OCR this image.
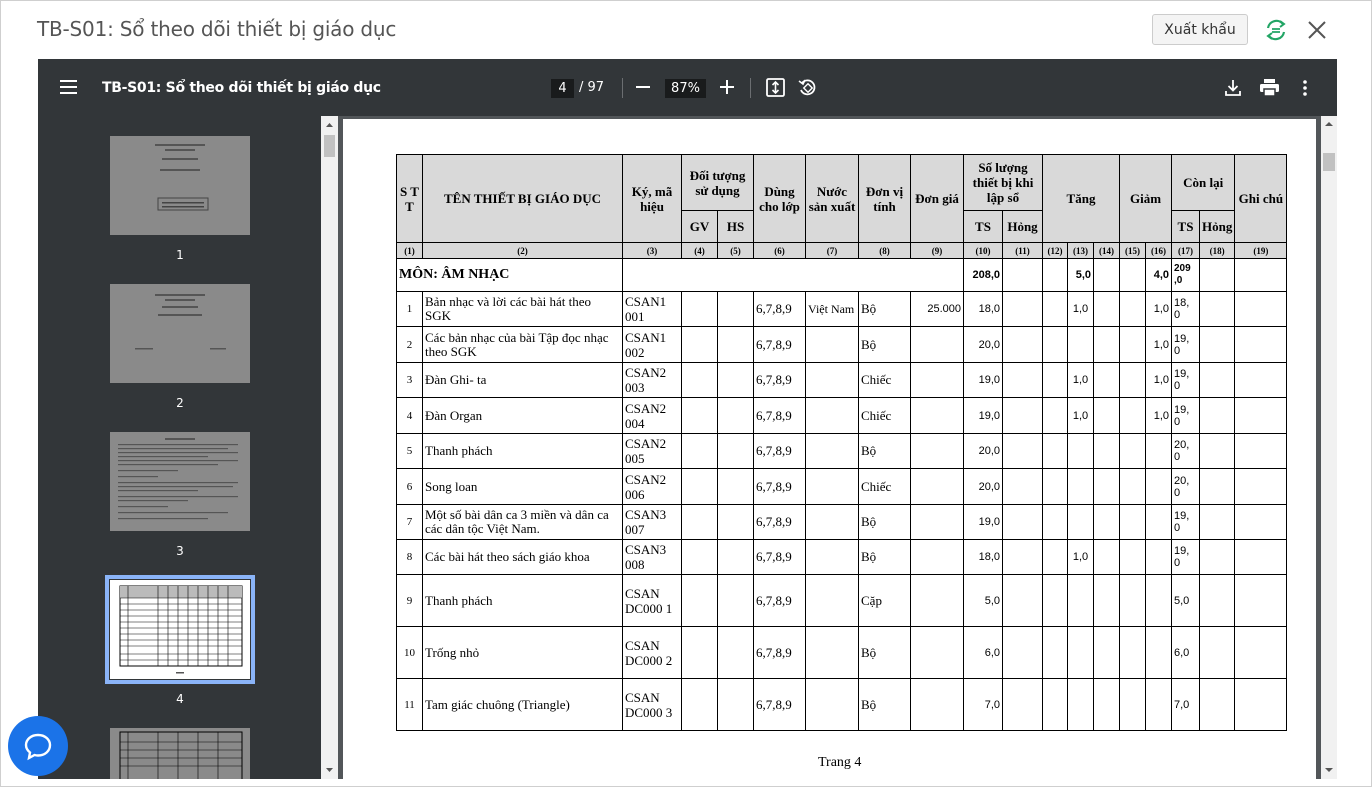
TB-S01: Sổ theo dõi thiết bị giáo dục	Xuất khẩu
TB-S01: Sổ theo dõi thiết bị giáo dục	4 / 97	87%
1
2
3
4
S T T	TÊN THIẾT BỊ GIÁO DỤC	Ký, mã hiệu	Đối tượng sử dụng		Dùng cho lớp	Nước sản xuất	Đơn vị tính	Đơn giá	Số lượng thiết bị khi lập sổ		Tăng			Giảm		Còn lại		Ghi chú
			GV	HS					TS	Hỏng						TS	Hỏng	
(1)	(2)	(3)	(4)	(5)	(6)	(7)	(8)	(9)	(10)	(11)	(12)	(13)	(14)	(15)	(16)	(17)	(18)	(19)
MÔN: ÂM NHẠC									208,0			5,0			4,0	209 ,0		
1	Bản nhạc và lời các bài hát theo SGK	CSAN1 001			6,7,8,9	Việt Nam	Bộ	25.000	18,0			1,0			1,0	18, 0		
2	Các bản nhạc của bài Tập đọc nhạc theo SGK	CSAN1 002			6,7,8,9		Bộ		20,0						1,0	19, 0		
3	Đàn Ghi- ta	CSAN2 003			6,7,8,9		Chiếc		19,0			1,0			1,0	19, 0		
4	Đàn Organ	CSAN2 004			6,7,8,9		Chiếc		19,0			1,0			1,0	19, 0		
5	Thanh phách	CSAN2 005			6,7,8,9		Bộ		20,0							20, 0		
6	Song loan	CSAN2 006			6,7,8,9		Chiếc		20,0							20, 0		
7	Một số bài dân ca 3 miền và dân ca các dân tộc Việt Nam.	CSAN3 007			6,7,8,9		Bộ		19,0							19, 0		
8	Các bài hát theo sách giáo khoa	CSAN3 008			6,7,8,9		Bộ		18,0			1,0				19, 0		
9	Thanh phách	CSAN DC000 1			6,7,8,9		Cặp		5,0							5,0		
10	Trống nhỏ	CSAN DC000 2			6,7,8,9		Bộ		6,0							6,0		
11	Tam giác chuông (Triangle)	CSAN DC000 3			6,7,8,9		Bộ		7,0							7,0		
Trang 4
